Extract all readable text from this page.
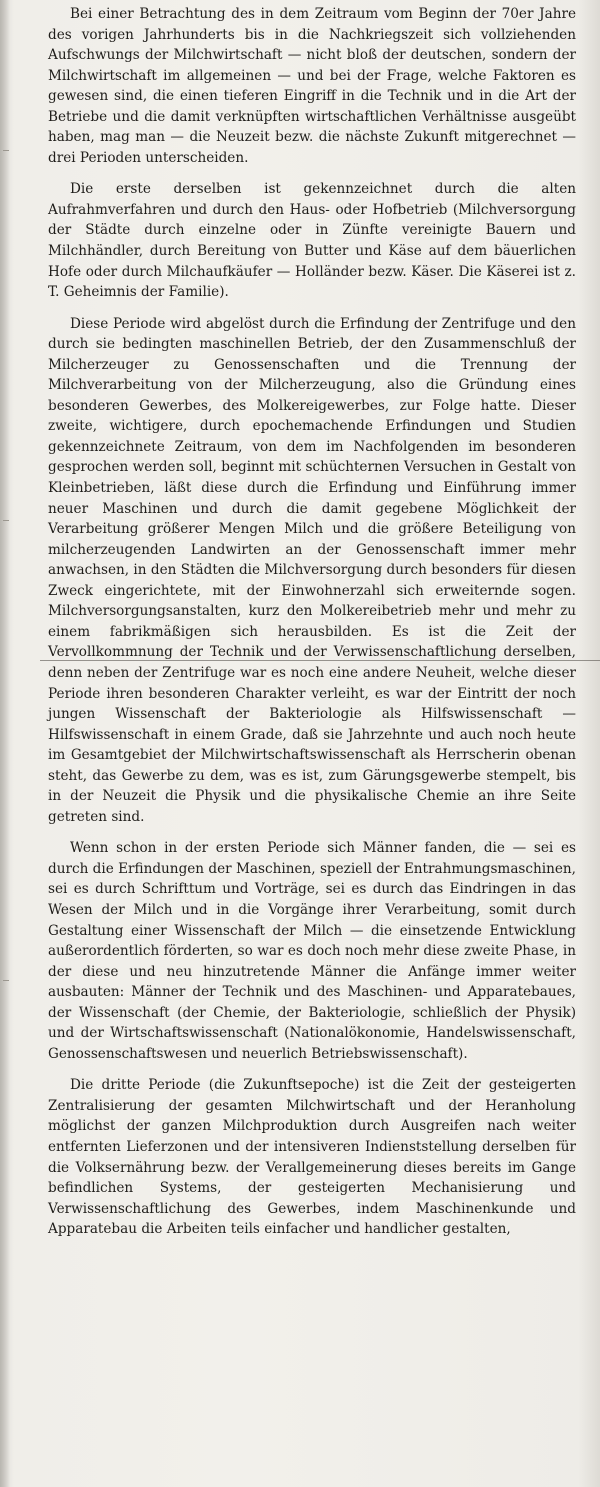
Bei einer Betrachtung des in dem Zeitraum vom Beginn der 70er Jahre des vorigen Jahrhunderts bis in die Nachkriegszeit sich vollziehenden Aufschwungs der Milchwirtschaft — nicht bloß der deutschen, sondern der Milchwirtschaft im allgemeinen — und bei der Frage, welche Faktoren es gewesen sind, die einen tieferen Eingriff in die Technik und in die Art der Betriebe und die damit verknüpften wirtschaftlichen Verhältnisse ausgeübt haben, mag man — die Neuzeit bezw. die nächste Zukunft mitgerechnet — drei Perioden unterscheiden.

Die erste derselben ist gekennzeichnet durch die alten Aufrahmverfahren und durch den Haus- oder Hofbetrieb (Milchversorgung der Städte durch einzelne oder in Zünfte vereinigte Bauern und Milchhändler, durch Bereitung von Butter und Käse auf dem bäuerlichen Hofe oder durch Milchaufkäufer — Holländer bezw. Käser. Die Käserei ist z. T. Geheimnis der Familie).

Diese Periode wird abgelöst durch die Erfindung der Zentrifuge und den durch sie bedingten maschinellen Betrieb, der den Zusammenschluß der Milcherzeuger zu Genossenschaften und die Trennung der Milchverarbeitung von der Milcherzeugung, also die Gründung eines besonderen Gewerbes, des Molkereigewerbes, zur Folge hatte. Dieser zweite, wichtigere, durch epochemachende Erfindungen und Studien gekennzeichnete Zeitraum, von dem im Nachfolgenden im besonderen gesprochen werden soll, beginnt mit schüchternen Versuchen in Gestalt von Kleinbetrieben, läßt diese durch die Erfindung und Einführung immer neuer Maschinen und durch die damit gegebene Möglichkeit der Verarbeitung größerer Mengen Milch und die größere Beteiligung von milcherzeugenden Landwirten an der Genossenschaft immer mehr anwachsen, in den Städten die Milchversorgung durch besonders für diesen Zweck eingerichtete, mit der Einwohnerzahl sich erweiternde sogen. Milchversorgungsanstalten, kurz den Molkereibetrieb mehr und mehr zu einem fabrikmäßigen sich herausbilden. Es ist die Zeit der Vervollkommnung der Technik und der Verwissenschaftlichung derselben, denn neben der Zentrifuge war es noch eine andere Neuheit, welche dieser Periode ihren besonderen Charakter verleiht, es war der Eintritt der noch jungen Wissenschaft der Bakteriologie als Hilfswissenschaft — Hilfswissenschaft in einem Grade, daß sie Jahrzehnte und auch noch heute im Gesamtgebiet der Milchwirtschaftswissenschaft als Herrscherin obenan steht, das Gewerbe zu dem, was es ist, zum Gärungsgewerbe stempelt, bis in der Neuzeit die Physik und die physikalische Chemie an ihre Seite getreten sind.

Wenn schon in der ersten Periode sich Männer fanden, die — sei es durch die Erfindungen der Maschinen, speziell der Entrahmungsmaschinen, sei es durch Schrifttum und Vorträge, sei es durch das Eindringen in das Wesen der Milch und in die Vorgänge ihrer Verarbeitung, somit durch Gestaltung einer Wissenschaft der Milch — die einsetzende Entwicklung außerordentlich förderten, so war es doch noch mehr diese zweite Phase, in der diese und neu hinzutretende Männer die Anfänge immer weiter ausbauten: Männer der Technik und des Maschinen- und Apparatebaues, der Wissenschaft (der Chemie, der Bakteriologie, schließlich der Physik) und der Wirtschaftswissenschaft (Nationalökonomie, Handelswissenschaft, Genossenschaftswesen und neuerlich Betriebswissenschaft).

Die dritte Periode (die Zukunftsepoche) ist die Zeit der gesteigerten Zentralisierung der gesamten Milchwirtschaft und der Heranholung möglichst der ganzen Milchproduktion durch Ausgreifen nach weiter entfernten Lieferzonen und der intensiveren Indienststellung derselben für die Volksernährung bezw. der Verallgemeinerung dieses bereits im Gange befindlichen Systems, der gesteigerten Mechanisierung und Verwissenschaftlichung des Gewerbes, indem Maschinenkunde und Apparatebau die Arbeiten teils einfacher und handlicher gestalten,
